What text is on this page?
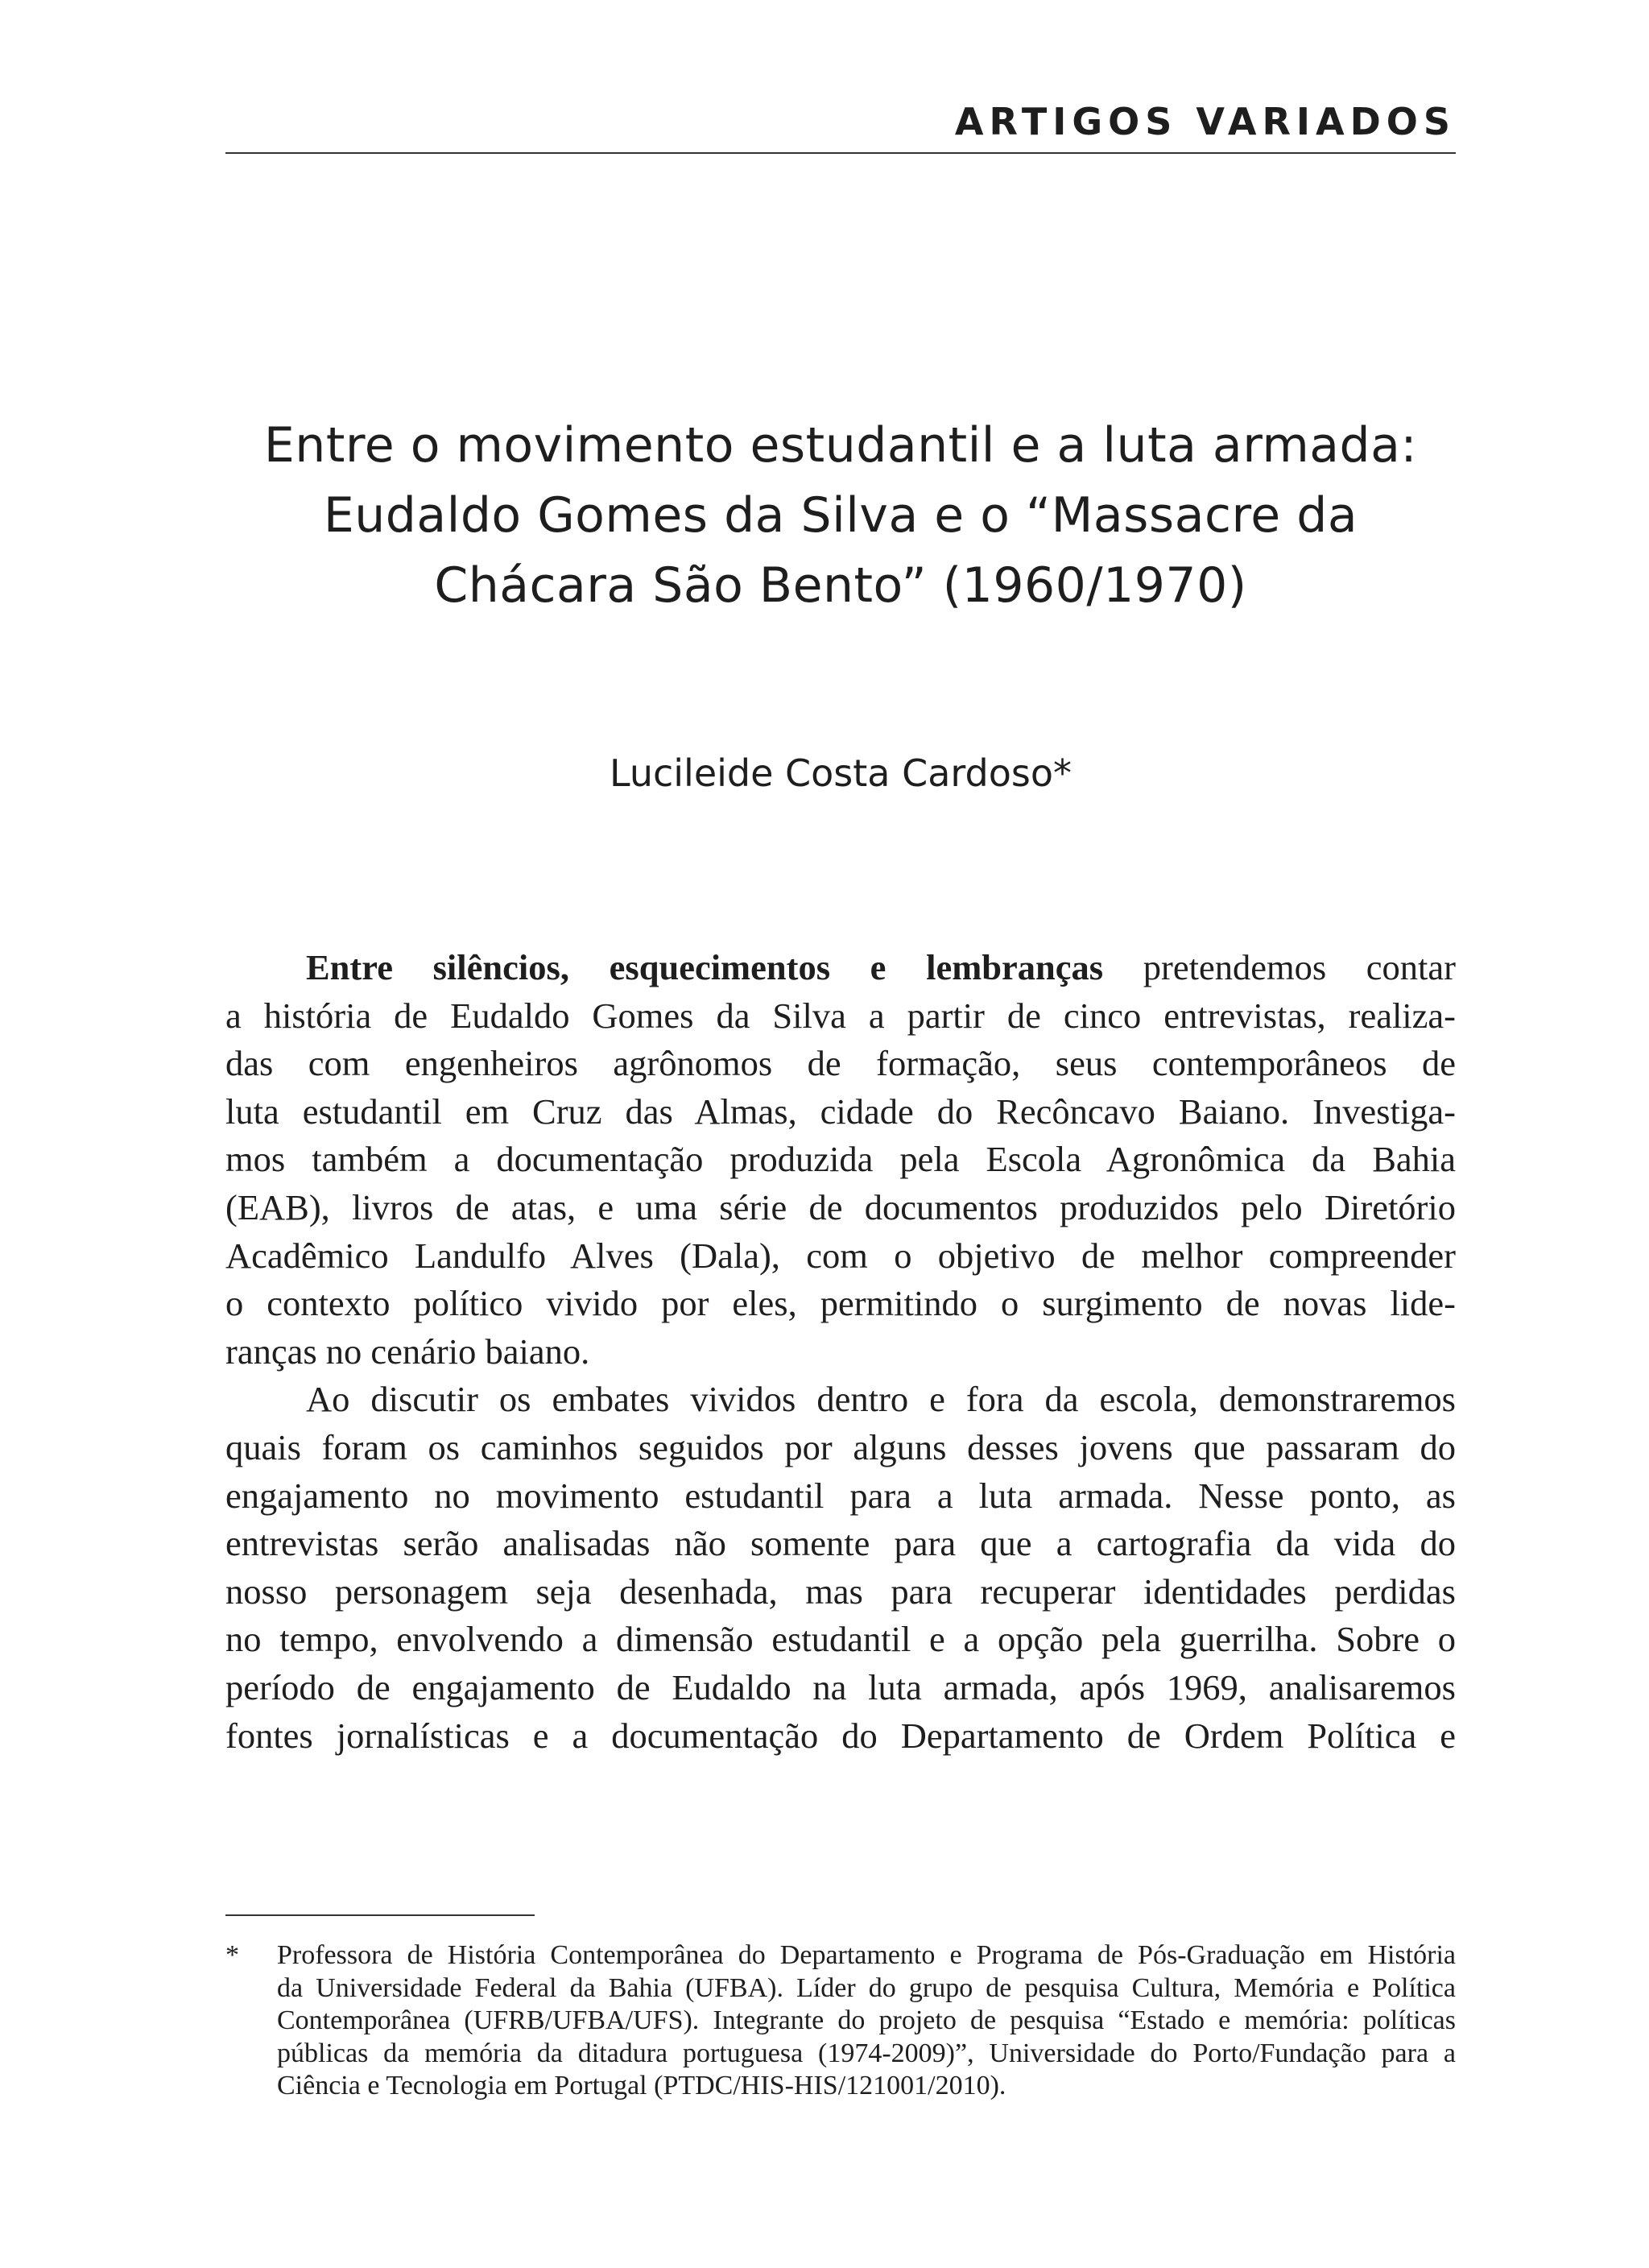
ARTIGOS VARIADOS
Entre o movimento estudantil e a luta armada:
Eudaldo Gomes da Silva e o “Massacre da
Chácara São Bento” (1960/1970)
Lucileide Costa Cardoso*
Entre silêncios, esquecimentos e lembranças pretendemos contar
a história de Eudaldo Gomes da Silva a partir de cinco entrevistas, realiza-
das com engenheiros agrônomos de formação, seus contemporâneos de
luta estudantil em Cruz das Almas, cidade do Recôncavo Baiano. Investiga-
mos também a documentação produzida pela Escola Agronômica da Bahia
(EAB), livros de atas, e uma série de documentos produzidos pelo Diretório
Acadêmico Landulfo Alves (Dala), com o objetivo de melhor compreender
o contexto político vivido por eles, permitindo o surgimento de novas lide-
ranças no cenário baiano.
Ao discutir os embates vividos dentro e fora da escola, demonstraremos
quais foram os caminhos seguidos por alguns desses jovens que passaram do
engajamento no movimento estudantil para a luta armada. Nesse ponto, as
entrevistas serão analisadas não somente para que a cartografia da vida do
nosso personagem seja desenhada, mas para recuperar identidades perdidas
no tempo, envolvendo a dimensão estudantil e a opção pela guerrilha. Sobre o
período de engajamento de Eudaldo na luta armada, após 1969, analisaremos
fontes jornalísticas e a documentação do Departamento de Ordem Política e
* Professora de História Contemporânea do Departamento e Programa de Pós-Graduação em História
da Universidade Federal da Bahia (UFBA). Líder do grupo de pesquisa Cultura, Memória e Política
Contemporânea (UFRB/UFBA/UFS). Integrante do projeto de pesquisa “Estado e memória: políticas
públicas da memória da ditadura portuguesa (1974-2009)”, Universidade do Porto/Fundação para a
Ciência e Tecnologia em Portugal (PTDC/HIS-HIS/121001/2010).
